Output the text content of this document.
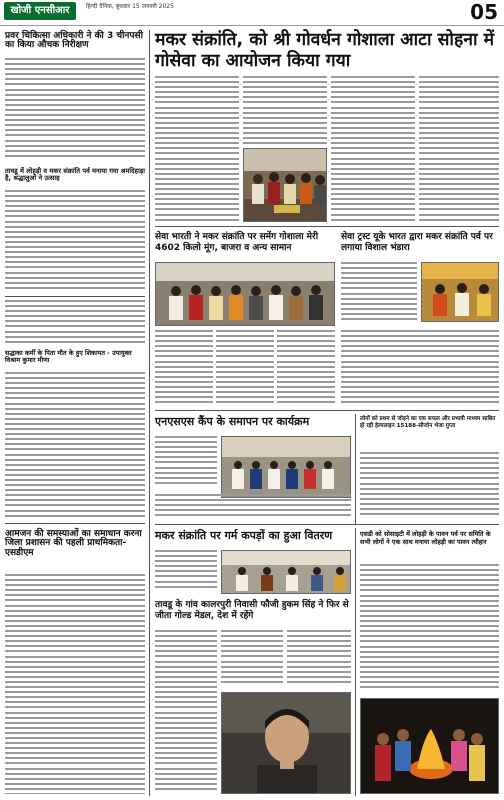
खोजी एनसीआर	हिन्दी दैनिक, बुधवार 15 जनवरी 2025	05
प्रवर चिकित्सा अधिकारी ने की 3 चीनपसी का किया औचक निरीक्षण
तावडू में लोहड़ी व मकर संक्रांति पर्व मनाया गया श्रमदिहाड़ा है, श्रद्धालुओं ने उत्साह
सद्धाका कर्मी के पिता मौत के हुए शिकायत - उपायुक्त विश्राम कुमार मीणा
आमजन की समस्याओं का समाधान करना जिला प्रशासन की पहली प्राथमिकता- एसडीएम
मकर संक्रांति, को श्री गोवर्धन गोशाला आटा सोहना में गोसेवा का आयोजन किया गया
सेवा भारती ने मकर संक्रांति पर समेंग गोशाला मेरी 4602 किलो मूंग, बाजरा व अन्य सामान
सेवा ट्रस्ट यूके भारत द्वारा मकर संक्रांति पर्व पर लगाया विशाल भंडारा
एनएसएस कैंप के समापन पर कार्यक्रम	लोगों को प्रथम से जोड़ने का एक सफल और प्रभावी माध्यम साबित हो रही हेल्पलाइन 15188-सीजोन भेजा गुप्ता
मकर संक्रांति पर गर्म कपड़ों का हुआ वितरण
तावडू के गांव कालरपुरी निवासी फौजी हुकम सिंह ने फिर से जीता गोल्ड मेडल, देश में रहेंगे
एसडी को सोसाइटी में लोहड़ी के पावन पर्व पर समिति के सभी लोगों ने एक साथ मनाया लोहड़ी का पावन त्यौहार
